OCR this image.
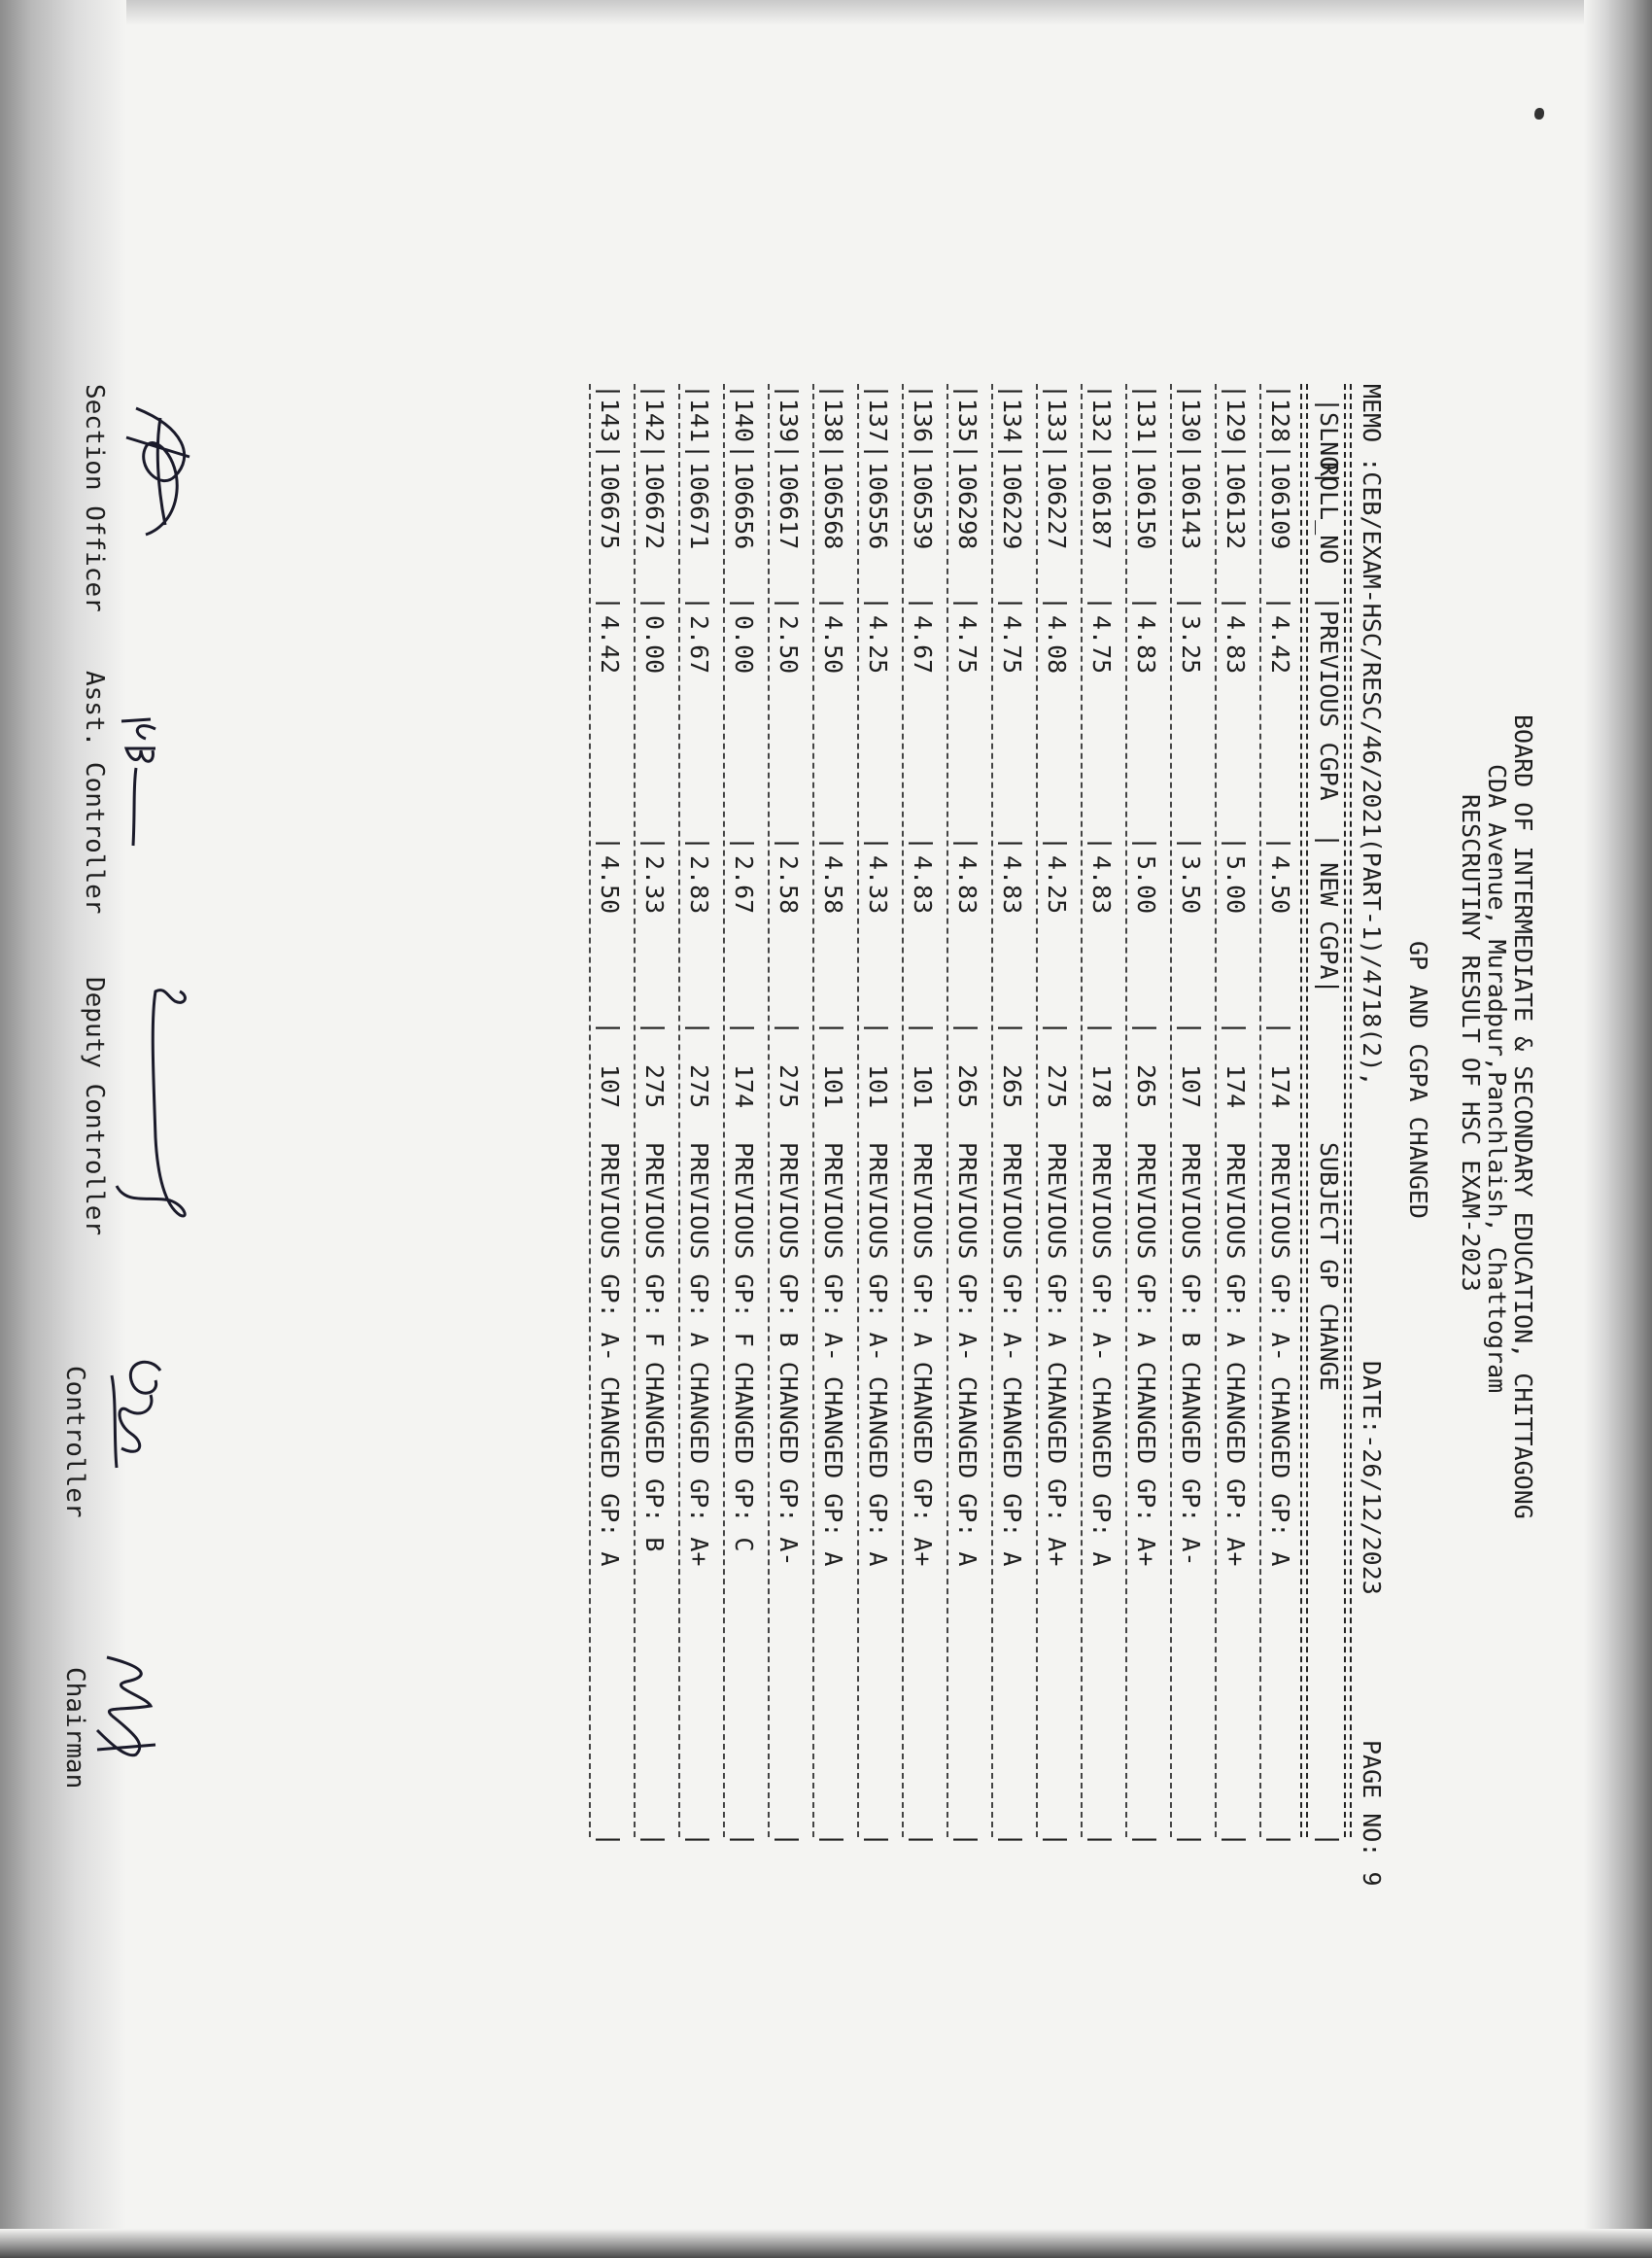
BOARD OF INTERMEDIATE & SECONDARY EDUCATION, CHITTAGONG
CDA Avenue, Muradpur,Panchlaish, Chattogram
RESCRUTINY RESULT OF HSC EXAM-2023
GP AND CGPA CHANGED
MEMO :CEB/EXAM-HSC/RESC/46/2021(PART-1)/4718(2),
DATE:-26/12/2023
PAGE NO: 9
|SLNO|
ROLL_NO
|PREVIOUS CGPA
| NEW CGPA|
SUBJECT GP CHANGE
|
|
128
|
106109
|
4.42
|
4.50
|
174
PREVIOUS GP: A- CHANGED GP: A
|
|
129
|
106132
|
4.83
|
5.00
|
174
PREVIOUS GP: A CHANGED GP: A+
|
|
130
|
106143
|
3.25
|
3.50
|
107
PREVIOUS GP: B CHANGED GP: A-
|
|
131
|
106150
|
4.83
|
5.00
|
265
PREVIOUS GP: A CHANGED GP: A+
|
|
132
|
106187
|
4.75
|
4.83
|
178
PREVIOUS GP: A- CHANGED GP: A
|
|
133
|
106227
|
4.08
|
4.25
|
275
PREVIOUS GP: A CHANGED GP: A+
|
|
134
|
106229
|
4.75
|
4.83
|
265
PREVIOUS GP: A- CHANGED GP: A
|
|
135
|
106298
|
4.75
|
4.83
|
265
PREVIOUS GP: A- CHANGED GP: A
|
|
136
|
106539
|
4.67
|
4.83
|
101
PREVIOUS GP: A CHANGED GP: A+
|
|
137
|
106556
|
4.25
|
4.33
|
101
PREVIOUS GP: A- CHANGED GP: A
|
|
138
|
106568
|
4.50
|
4.58
|
101
PREVIOUS GP: A- CHANGED GP: A
|
|
139
|
106617
|
2.50
|
2.58
|
275
PREVIOUS GP: B CHANGED GP: A-
|
|
140
|
106656
|
0.00
|
2.67
|
174
PREVIOUS GP: F CHANGED GP: C
|
|
141
|
106671
|
2.67
|
2.83
|
275
PREVIOUS GP: A CHANGED GP: A+
|
|
142
|
106672
|
0.00
|
2.33
|
275
PREVIOUS GP: F CHANGED GP: B
|
|
143
|
106675
|
4.42
|
4.50
|
107
PREVIOUS GP: A- CHANGED GP: A
|
Section Officer
Asst. Controller
Deputy Controller
Controller
Chairman
